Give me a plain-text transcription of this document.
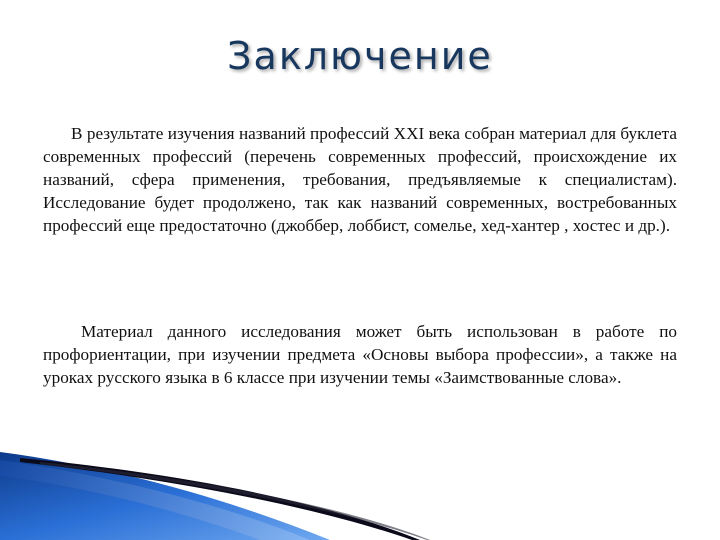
Заключение

В результате изучения названий профессий XXI века собран материал для буклета современных профессий (перечень современных профессий, происхождение их названий, сфера применения, требования, предъявляемые к специалистам). Исследование будет продолжено, так как названий современных, востребованных профессий еще предостаточно (джоббер, лоббист, сомелье, хед-хантер , хостес и др.).

Материал данного исследования может быть использован в работе по профориентации, при изучении предмета «Основы выбора профессии», а также на уроках русского языка в 6 классе при изучении темы «Заимствованные слова».
